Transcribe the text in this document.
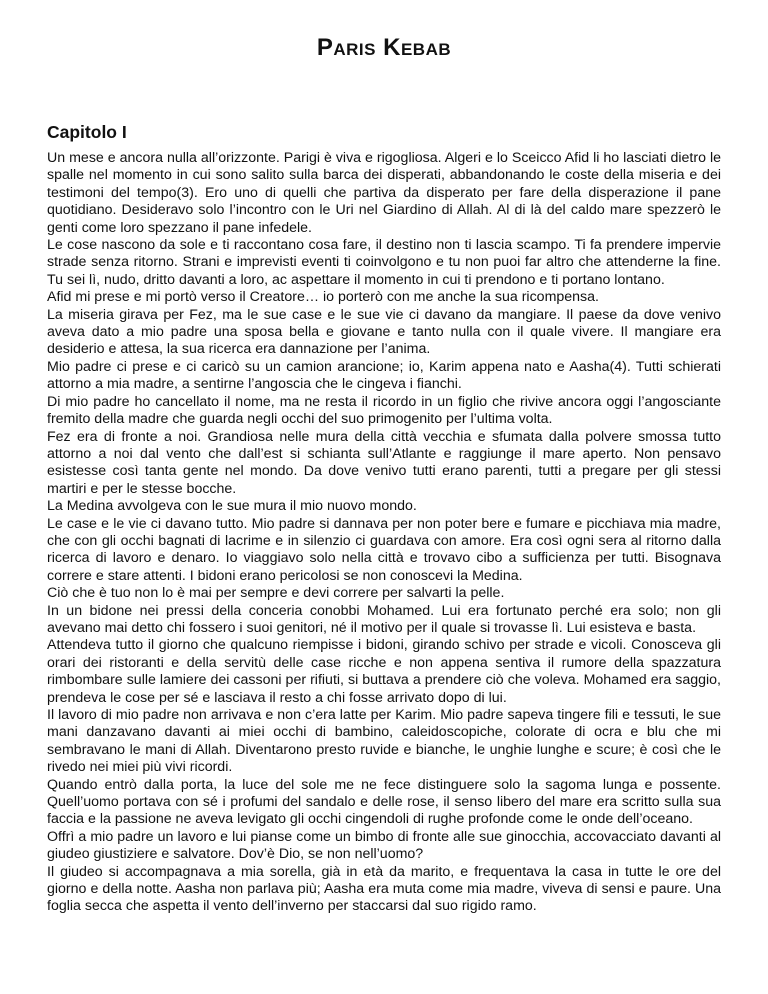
Paris Kebab
Capitolo I

Un mese e ancora nulla all’orizzonte. Parigi è viva e rigogliosa. Algeri e lo Sceicco Afid li ho lasciati dietro le spalle nel momento in cui sono salito sulla barca dei disperati, abbandonando le coste della miseria e dei testimoni del tempo(3). Ero uno di quelli che partiva da disperato per fare della disperazione il pane quotidiano. Desideravo solo l’incontro con le Uri nel Giardino di Allah. Al di là del caldo mare spezzerò le genti come loro spezzano il pane infedele.

Le cose nascono da sole e ti raccontano cosa fare, il destino non ti lascia scampo. Ti fa prendere impervie strade senza ritorno. Strani e imprevisti eventi ti coinvolgono e tu non puoi far altro che attenderne la fine. Tu sei lì, nudo, dritto davanti a loro, ac aspettare il momento in cui ti prendono e ti portano lontano.

Afid mi prese e mi portò verso il Creatore… io porterò con me anche la sua ricompensa.

La miseria girava per Fez, ma le sue case e le sue vie ci davano da mangiare. Il paese da dove venivo aveva dato a mio padre una sposa bella e giovane e tanto nulla con il quale vivere. Il mangiare era desiderio e attesa, la sua ricerca era dannazione per l’anima.

Mio padre ci prese e ci caricò su un camion arancione; io, Karim appena nato e Aasha(4). Tutti schierati attorno a mia madre, a sentirne l’angoscia che le cingeva i fianchi.

Di mio padre ho cancellato il nome, ma ne resta il ricordo in un figlio che rivive ancora oggi l’angosciante fremito della madre che guarda negli occhi del suo primogenito per l’ultima volta.

Fez era di fronte a noi. Grandiosa nelle mura della città vecchia e sfumata dalla polvere smossa tutto attorno a noi dal vento che dall’est si schianta sull’Atlante e raggiunge il mare aperto. Non pensavo esistesse così tanta gente nel mondo. Da dove venivo tutti erano parenti, tutti a pregare per gli stessi martiri e per le stesse bocche.

La Medina avvolgeva con le sue mura il mio nuovo mondo.

Le case e le vie ci davano tutto. Mio padre si dannava per non poter bere e fumare e picchiava mia madre, che con gli occhi bagnati di lacrime e in silenzio ci guardava con amore. Era così ogni sera al ritorno dalla ricerca di lavoro e denaro. Io viaggiavo solo nella città e trovavo cibo a sufficienza per tutti. Bisognava correre e stare attenti. I bidoni erano pericolosi se non conoscevi la Medina.

Ciò che è tuo non lo è mai per sempre e devi correre per salvarti la pelle.

In un bidone nei pressi della conceria conobbi Mohamed. Lui era fortunato perché era solo; non gli avevano mai detto chi fossero i suoi genitori, né il motivo per il quale si trovasse lì. Lui esisteva e basta.

Attendeva tutto il giorno che qualcuno riempisse i bidoni, girando schivo per strade e vicoli. Conosceva gli orari dei ristoranti e della servitù delle case ricche e non appena sentiva il rumore della spazzatura rimbombare sulle lamiere dei cassoni per rifiuti, si buttava a prendere ciò che voleva. Mohamed era saggio, prendeva le cose per sé e lasciava il resto a chi fosse arrivato dopo di lui.

Il lavoro di mio padre non arrivava e non c’era latte per Karim. Mio padre sapeva tingere fili e tessuti, le sue mani danzavano davanti ai miei occhi di bambino, caleidoscopiche, colorate di ocra e blu che mi sembravano le mani di Allah. Diventarono presto ruvide e bianche, le unghie lunghe e scure; è così che le rivedo nei miei più vivi ricordi.

Quando entrò dalla porta, la luce del sole me ne fece distinguere solo la sagoma lunga e possente. Quell’uomo portava con sé i profumi del sandalo e delle rose, il senso libero del mare era scritto sulla sua faccia e la passione ne aveva levigato gli occhi cingendoli di rughe profonde come le onde dell’oceano.

Offrì a mio padre un lavoro e lui pianse come un bimbo di fronte alle sue ginocchia, accovacciato davanti al giudeo giustiziere e salvatore. Dov’è Dio, se non nell’uomo?

Il giudeo si accompagnava a mia sorella, già in età da marito, e frequentava la casa in tutte le ore del giorno e della notte. Aasha non parlava più; Aasha era muta come mia madre, viveva di sensi e paure. Una foglia secca che aspetta il vento dell’inverno per staccarsi dal suo rigido ramo.
